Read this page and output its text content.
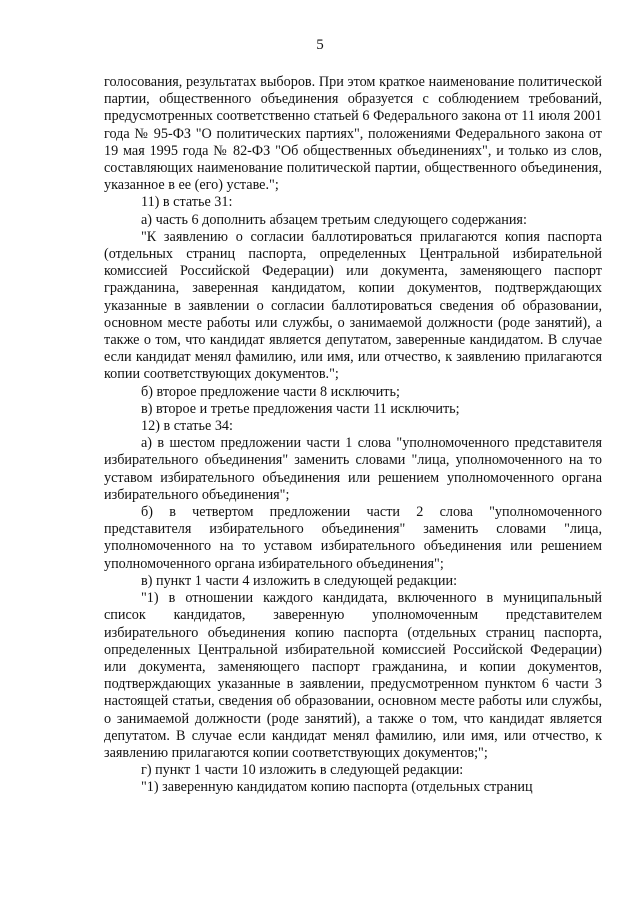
5

голосования, результатах выборов. При этом краткое наименование политической партии, общественного объединения образуется с соблюдением требований, предусмотренных соответственно статьей 6 Федерального закона от 11 июля 2001 года № 95-ФЗ "О политических партиях", положениями Федерального закона от 19 мая 1995 года № 82-ФЗ "Об общественных объединениях", и только из слов, составляющих наименование политической партии, общественного объединения, указанное в ее (его) уставе.";

11) в статье 31:

а) часть 6 дополнить абзацем третьим следующего содержания:

"К заявлению о согласии баллотироваться прилагаются копия паспорта (отдельных страниц паспорта, определенных Центральной избирательной комиссией Российской Федерации) или документа, заменяющего паспорт гражданина, заверенная кандидатом, копии документов, подтверждающих указанные в заявлении о согласии баллотироваться сведения об образовании, основном месте работы или службы, о занимаемой должности (роде занятий), а также о том, что кандидат является депутатом, заверенные кандидатом. В случае если кандидат менял фамилию, или имя, или отчество, к заявлению прилагаются копии соответствующих документов.";

б) второе предложение части 8 исключить;

в) второе и третье предложения части 11 исключить;

12) в статье 34:

а) в шестом предложении части 1 слова "уполномоченного представителя избирательного объединения" заменить словами "лица, уполномоченного на то уставом избирательного объединения или решением уполномоченного органа избирательного объединения";

б) в четвертом предложении части 2 слова "уполномоченного представителя избирательного объединения" заменить словами "лица, уполномоченного на то уставом избирательного объединения или решением уполномоченного органа избирательного объединения";

в) пункт 1 части 4 изложить в следующей редакции:

"1) в отношении каждого кандидата, включенного в муниципальный список кандидатов, заверенную уполномоченным представителем избирательного объединения копию паспорта (отдельных страниц паспорта, определенных Центральной избирательной комиссией Российской Федерации) или документа, заменяющего паспорт гражданина, и копии документов, подтверждающих указанные в заявлении, предусмотренном пунктом 6 части 3 настоящей статьи, сведения об образовании, основном месте работы или службы, о занимаемой должности (роде занятий), а также о том, что кандидат является депутатом. В случае если кандидат менял фамилию, или имя, или отчество, к заявлению прилагаются копии соответствующих документов;";

г) пункт 1 части 10 изложить в следующей редакции:

"1) заверенную кандидатом копию паспорта (отдельных страниц
